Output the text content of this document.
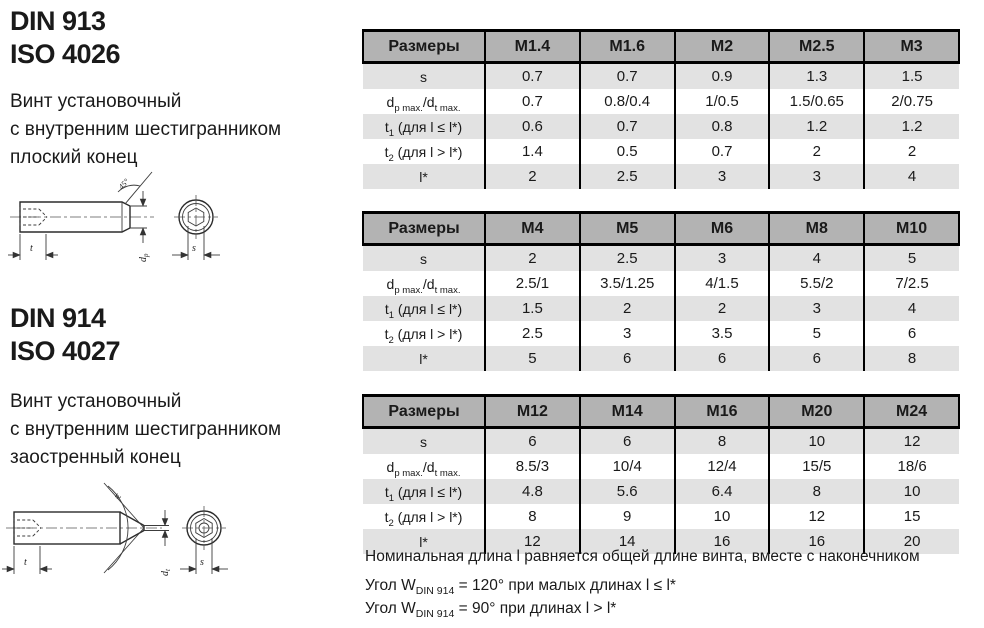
DIN 913
ISO 4026
Винт установочный
с внутренним шестигранником
плоский конец
45°
t
$d_p$
s
DIN 914
ISO 4027
Винт установочный
с внутренним шестигранником
заостренный конец
w
t
$d_t$
s
Размеры	M1.4	M1.6	M2	M2.5	M3
s	0.7	0.7	0.9	1.3	1.5
$d_{p max.}/d_{t max.}$	0.7	0.8/0.4	1/0.5	1.5/0.65	2/0.75
$t_1$ (для l ≤ l*)	0.6	0.7	0.8	1.2	1.2
$t_2$ (для l > l*)	1.4	0.5	0.7	2	2
l*	2	2.5	3	3	4
Размеры	M4	M5	M6	M8	M10
s	2	2.5	3	4	5
$d_{p max.}/d_{t max.}$	2.5/1	3.5/1.25	4/1.5	5.5/2	7/2.5
$t_1$ (для l ≤ l*)	1.5	2	2	3	4
$t_2$ (для l > l*)	2.5	3	3.5	5	6
l*	5	6	6	6	8
Размеры	M12	M14	M16	M20	M24
s	6	6	8	10	12
$d_{p max.}/d_{t max.}$	8.5/3	10/4	12/4	15/5	18/6
$t_1$ (для l ≤ l*)	4.8	5.6	6.4	8	10
$t_2$ (для l > l*)	8	9	10	12	15
l*	12	14	16	16	20

Номинальная длина l равняется общей длине винта, вместе с наконечником

Угол $W_{DIN 914} = 120^\circ$ при малых длинах l ≤ l*

Угол $W_{DIN 914} = 90^\circ$ при длинах l > l*
